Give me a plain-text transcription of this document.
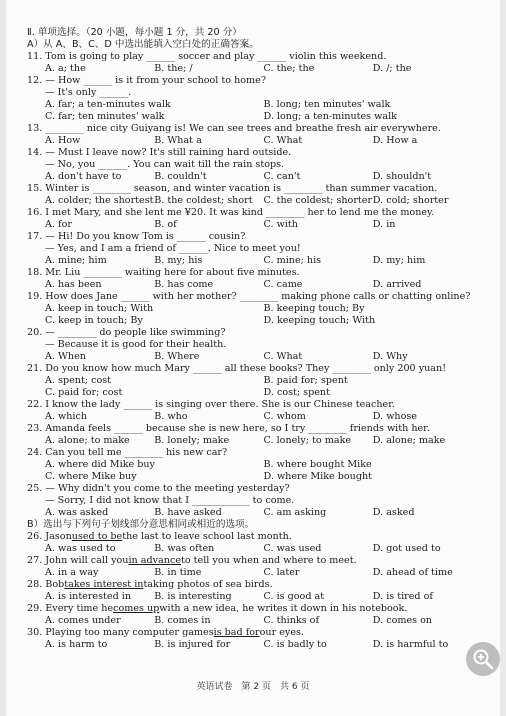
Ⅱ. 单项选择。（20 小题，每小题 1 分，共 20 分）
A）从 A、B、C、D 中选出能填入空白处的正确答案。
11. Tom is going to play ______ soccer and play ______ violin this weekend.
A. a; the	B. the; /	C. the; the	D. /; the
12. — How ______ is it from your school to home?
— It's only ______.
A. far; a ten-minutes walk	B. long; ten minutes' walk
C. far; ten minutes' walk	D. long; a ten-minutes walk
13. ________ nice city Guiyang is! We can see trees and breathe fresh air everywhere.
A. How	B. What a	C. What	D. How a
14. — Must I leave now? It's still raining hard outside.
— No, you ______. You can wait till the rain stops.
A. don't have to	B. couldn't	C. can't	D. shouldn't
15. Winter is ________ season, and winter vacation is ________ than summer vacation.
A. colder; the shortest B. the coldest; short	C. the coldest; shorter D. cold; shorter
16. I met Mary, and she lent me ¥20. It was kind ________ her to lend me the money.
A. for	B. of	C. with	D. in
17. — Hi! Do you know Tom is ______ cousin?
— Yes, and I am a friend of ______. Nice to meet you!
A. mine; him	B. my; his	C. mine; his	D. my; him
18. Mr. Liu ________ waiting here for about five minutes.
A. has been	B. has come	C. came	D. arrived
19. How does Jane ______ with her mother? ________ making phone calls or chatting online?
A. keep in touch; With	B. keeping touch; By
C. keep in touch; By	D. keeping touch; With
20. — ________ do people like swimming?
— Because it is good for their health.
A. When	B. Where	C. What	D. Why
21. Do you know how much Mary ______ all these books? They ________ only 200 yuan!
A. spent; cost	B. paid for; spent
C. paid for; cost	D. cost; spent
22. I know the lady ______ is singing over there. She is our Chinese teacher.
A. which	B. who	C. whom	D. whose
23. Amanda feels ______ because she is new here, so I try ________ friends with her.
A. alone; to make	B. lonely; make	C. lonely; to make	D. alone; make
24. Can you tell me ________ his new car?
A. where did Mike buy	B. where bought Mike
C. where Mike buy	D. where Mike bought
25. — Why didn't you come to the meeting yesterday?
— Sorry, I did not know that I ____________ to come.
A. was asked	B. have asked	C. am asking	D. asked
B）选出与下列句子划线部分意思相同或相近的选项。
26. Jason used to be the last to leave school last month.
A. was used to	B. was often	C. was used	D. got used to
27. John will call you in advance to tell you when and where to meet.
A. in a way	B. in time	C. later	D. ahead of time
28. Bob takes interest in taking photos of sea birds.
A. is interested in	B. is interesting	C. is good at	D. is tired of
29. Every time he comes up with a new idea, he writes it down in his notebook.
A. comes under	B. comes in	C. thinks of	D. comes on
30. Playing too many computer games is bad for our eyes.
A. is harm to	B. is injured for	C. is badly to	D. is harmful to
英语试卷　第 2 页　共 6 页
